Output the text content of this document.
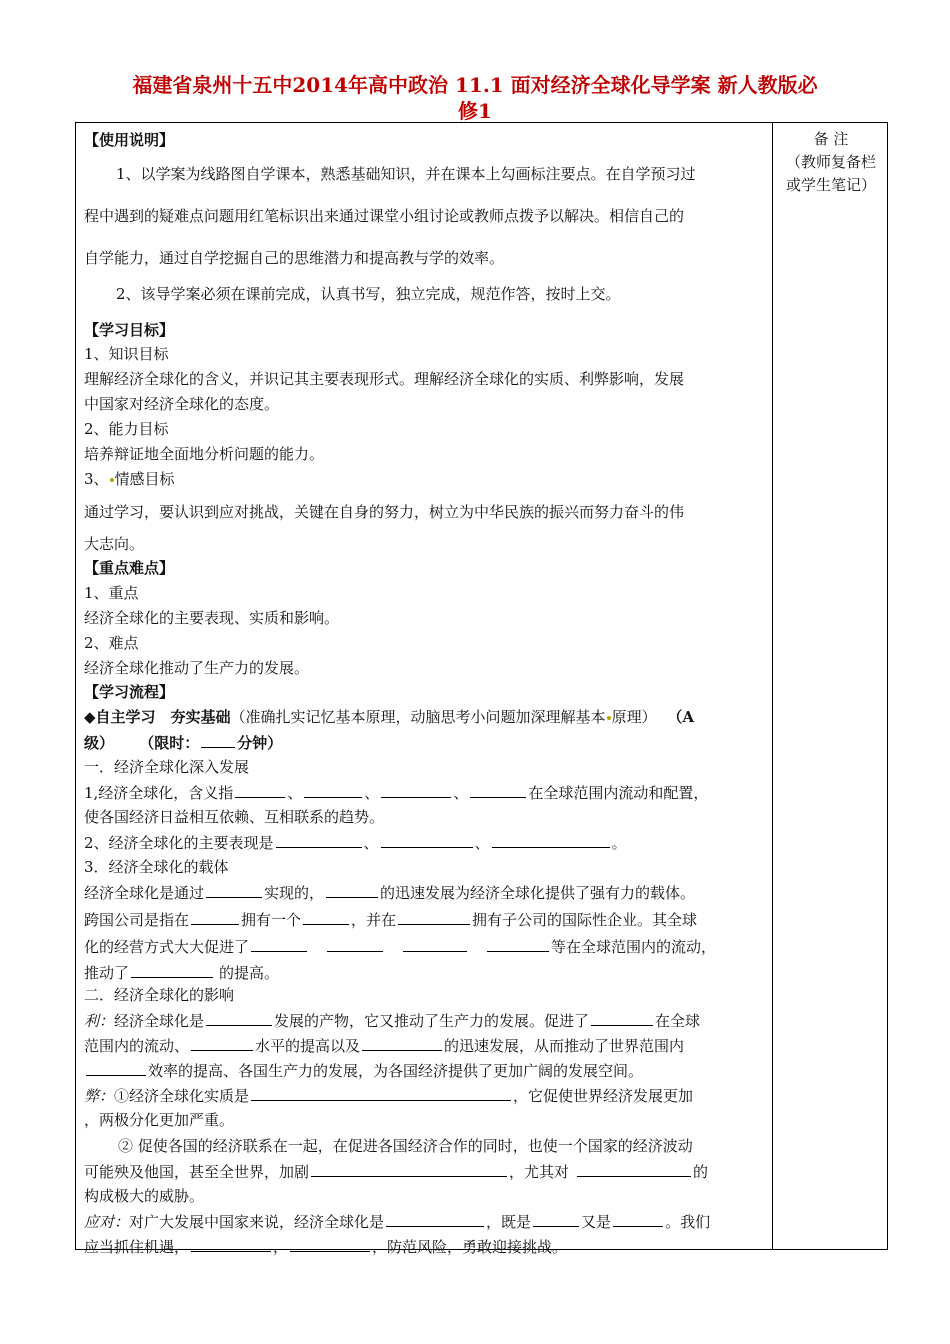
福建省泉州十五中2014年高中政治 11.1 面对经济全球化导学案 新人教版必
修1
备 注
（教师复备栏
或学生笔记）
【使用说明】
1、以学案为线路图自学课本，熟悉基础知识，并在课本上勾画标注要点。在自学预习过
程中遇到的疑难点问题用红笔标识出来通过课堂小组讨论或教师点拨予以解决。相信自己的
自学能力，通过自学挖掘自己的思维潜力和提高教与学的效率。
2、该导学案必须在课前完成，认真书写，独立完成，规范作答，按时上交。
【学习目标】
1、知识目标
理解经济全球化的含义，并识记其主要表现形式。理解经济全球化的实质、利弊影响，发展
中国家对经济全球化的态度。
2、能力目标
培养辩证地全面地分析问题的能力。
3、 情感目标
通过学习，要认识到应对挑战，关键在自身的努力，树立为中华民族的振兴而努力奋斗的伟
大志向。
【重点难点】
1、重点
经济全球化的主要表现、实质和影响。
2、难点
经济全球化推动了生产力的发展。
【学习流程】
◆自主学习　夯实基础（准确扎实记忆基本原理，动脑思考小问题加深理解基本 原理） （A
级） （限时：	分钟）
一．经济全球化深入发展
1,经济全球化，含义指	、	、	、	在全球范围内流动和配置，
使各国经济日益相互依赖、互相联系的趋势。
2、经济全球化的主要表现是	、	、	。
3．经济全球化的载体
经济全球化是通过	实现的，	的迅速发展为经济全球化提供了强有力的载体。
跨国公司是指在	拥有一个	，并在	拥有子公司的国际性企业。其全球
化的经营方式大大促进了	等在全球范围内的流动，
推动了	的提高。
二．经济全球化的影响
利：经济全球化是	发展的产物，它又推动了生产力的发展。促进了	在全球
范围内的流动、	水平的提高以及	的迅速发展，从而推动了世界范围内
效率的提高、各国生产力的发展，为各国经济提供了更加广阔的发展空间。
弊：①经济全球化实质是	，它促使世界经济发展更加
，两极分化更加严重。
② 促使各国的经济联系在一起，在促进各国经济合作的同时，也使一个国家的经济波动
可能殃及他国，甚至全世界，加剧	，尤其对	的
构成极大的威胁。
应对：对广大发展中国家来说，经济全球化是	，既是	又是	。我们
应当抓住机遇，	，	，防范风险，勇敢迎接挑战。
